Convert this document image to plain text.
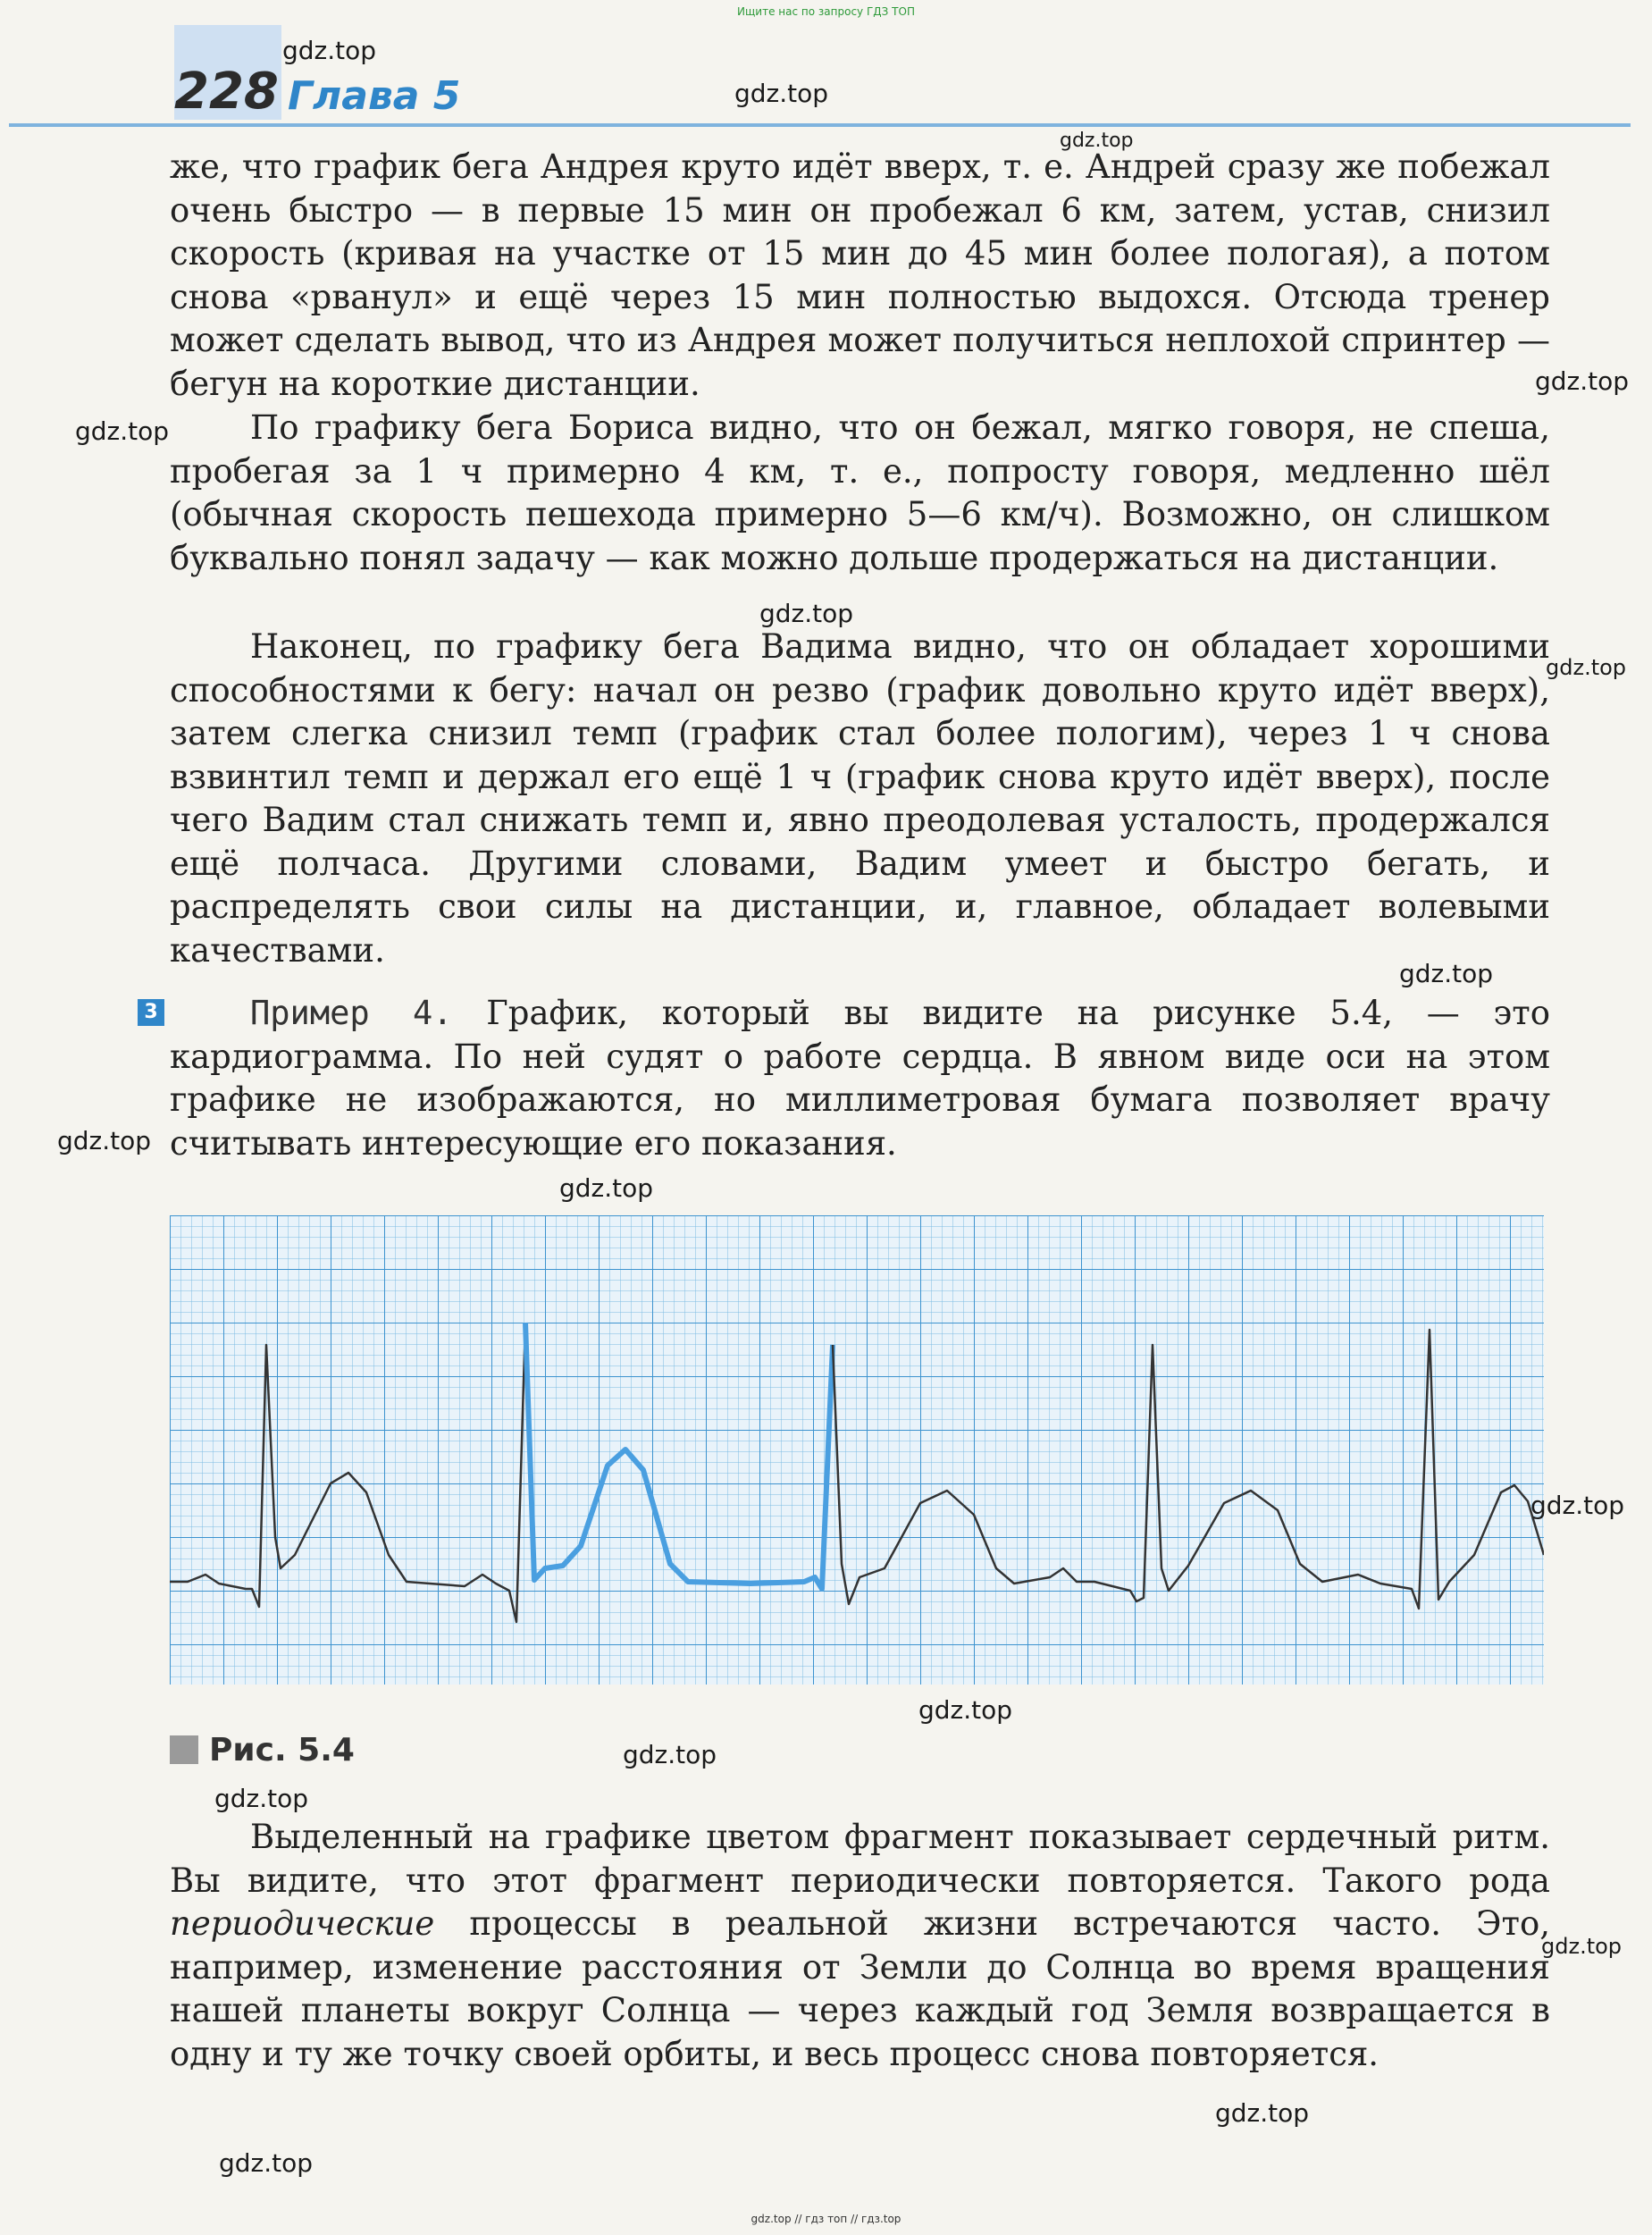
Ищите нас по запросу ГДЗ ТОП
228 Глава 5

же, что график бега Андрея круто идёт вверх, т. е. Андрей сразу же побежал очень быстро — в первые 15 мин он пробежал 6 км, затем, устав, снизил скорость (кривая на участке от 15 мин до 45 мин более пологая), а потом снова «рванул» и ещё через 15 мин полностью выдохся. Отсюда тренер может сделать вывод, что из Андрея может получиться неплохой спринтер — бегун на короткие дистанции.

По графику бега Бориса видно, что он бежал, мягко говоря, не спеша, пробегая за 1 ч примерно 4 км, т. е., попросту говоря, медленно шёл (обычная скорость пешехода примерно 5—6 км/ч). Возможно, он слишком буквально понял задачу — как можно дольше продержаться на дистанции.

Наконец, по графику бега Вадима видно, что он обладает хорошими способностями к бегу: начал он резво (график довольно круто идёт вверх), затем слегка снизил темп (график стал более пологим), через 1 ч снова взвинтил темп и держал его ещё 1 ч (график снова круто идёт вверх), после чего Вадим стал снижать темп и, явно преодолевая усталость, продержался ещё полчаса. Другими словами, Вадим умеет и быстро бегать, и распределять свои силы на дистанции, и, главное, обладает волевыми качествами.

3	Пример 4. График, который вы видите на рисунке 5.4, — это кардиограмма. По ней судят о работе сердца. В явном виде оси на этом графике не изображаются, но миллиметровая бумага позволяет врачу считывать интересующие его показания.

Рис. 5.4

Выделенный на графике цветом фрагмент показывает сердечный ритм. Вы видите, что этот фрагмент периодически повторяется. Такого рода периодические процессы в реальной жизни встречаются часто. Это, например, изменение расстояния от Земли до Солнца во время вращения нашей планеты вокруг Солнца — через каждый год Земля возвращается в одну и ту же точку своей орбиты, и весь процесс снова повторяется.

gdz.top
gdz.top
gdz.top
gdz.top
gdz.top
gdz.top
gdz.top
gdz.top
gdz.top
gdz.top
gdz.top
gdz.top
gdz.top
gdz.top
gdz.top
gdz.top
gdz.top
gdz.top // гдз топ // гдз.top
